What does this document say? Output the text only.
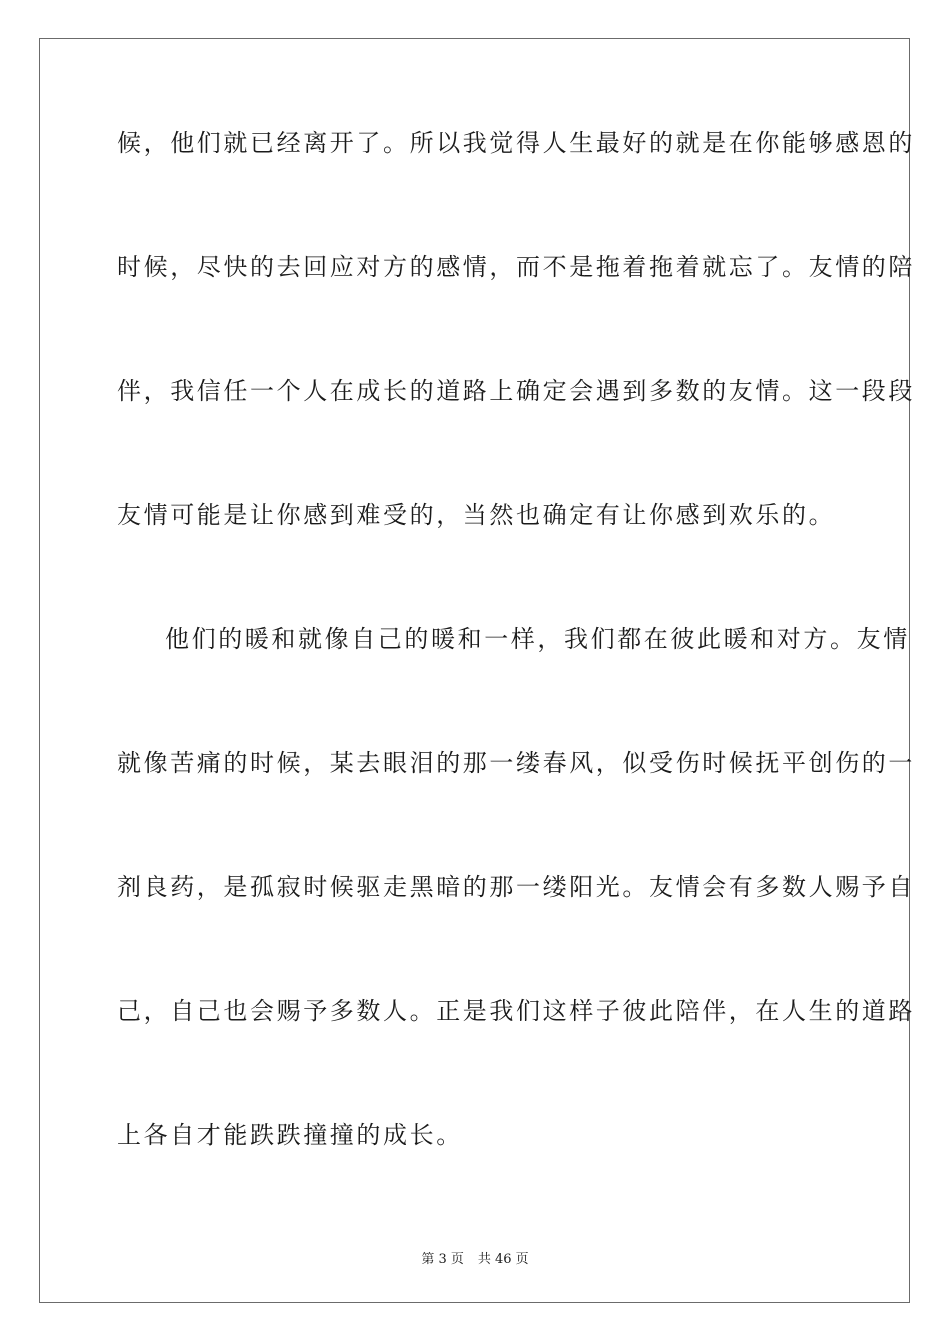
候，他们就已经离开了。所以我觉得人生最好的就是在你能够感恩的
时候，尽快的去回应对方的感情，而不是拖着拖着就忘了。友情的陪
伴，我信任一个人在成长的道路上确定会遇到多数的友情。这一段段
友情可能是让你感到难受的，当然也确定有让你感到欢乐的。
他们的暖和就像自己的暖和一样，我们都在彼此暖和对方。友情
就像苦痛的时候，某去眼泪的那一缕春风，似受伤时候抚平创伤的一
剂良药，是孤寂时候驱走黑暗的那一缕阳光。友情会有多数人赐予自
己，自己也会赐予多数人。正是我们这样子彼此陪伴，在人生的道路
上各自才能跌跌撞撞的成长。
第 3 页 共 46 页
